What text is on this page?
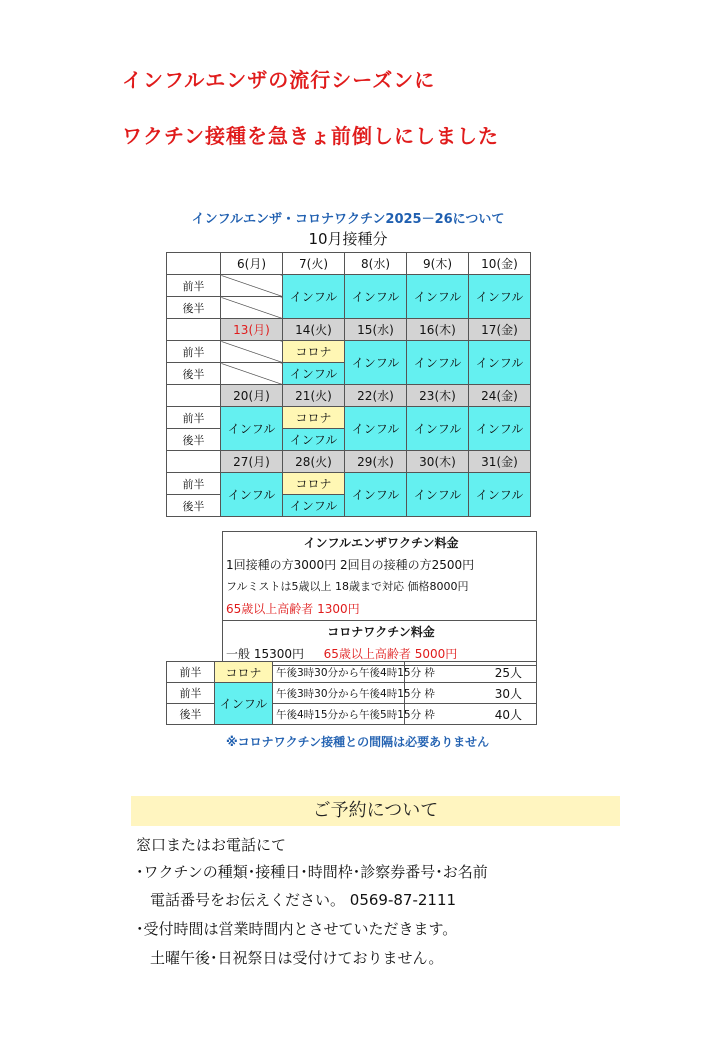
インフルエンザの流行シーズンに
ワクチン接種を急きょ前倒しにしました
インフルエンザ・コロナワクチン2025－26について
10月接種分
	6(月)	7(火)	8(水)	9(木)	10(金)
前半		インフル	インフル	インフル	インフル
後半					
	13(月)	14(火)	15(水)	16(木)	17(金)
前半		コロナ	インフル	インフル	インフル
後半		インフル			
	20(月)	21(火)	22(水)	23(木)	24(金)
前半	インフル	コロナ	インフル	インフル	インフル
後半		インフル			
	27(月)	28(火)	29(水)	30(木)	31(金)
前半	インフル	コロナ	インフル	インフル	インフル
後半		インフル			
インフルエンザワクチン料金
1回接種の方3000円 2回目の接種の方2500円
フルミストは5歳以上 18歳まで対応 価格8000円
65歳以上高齢者 1300円
コロナワクチン料金
一般 15300円 65歳以上高齢者 5000円
前半	コロナ	午後3時30分から午後4時15分 枠	25人
前半	インフル	午後3時30分から午後4時15分 枠	30人
後半		午後4時15分から午後5時15分 枠	40人
※コロナワクチン接種との間隔は必要ありません
ご予約について
窓口またはお電話にて
･ワクチンの種類･接種日･時間枠･診察券番号･お名前
電話番号をお伝えください。 0569-87-2111
･受付時間は営業時間内とさせていただきます。
土曜午後･日祝祭日は受付けておりません。
